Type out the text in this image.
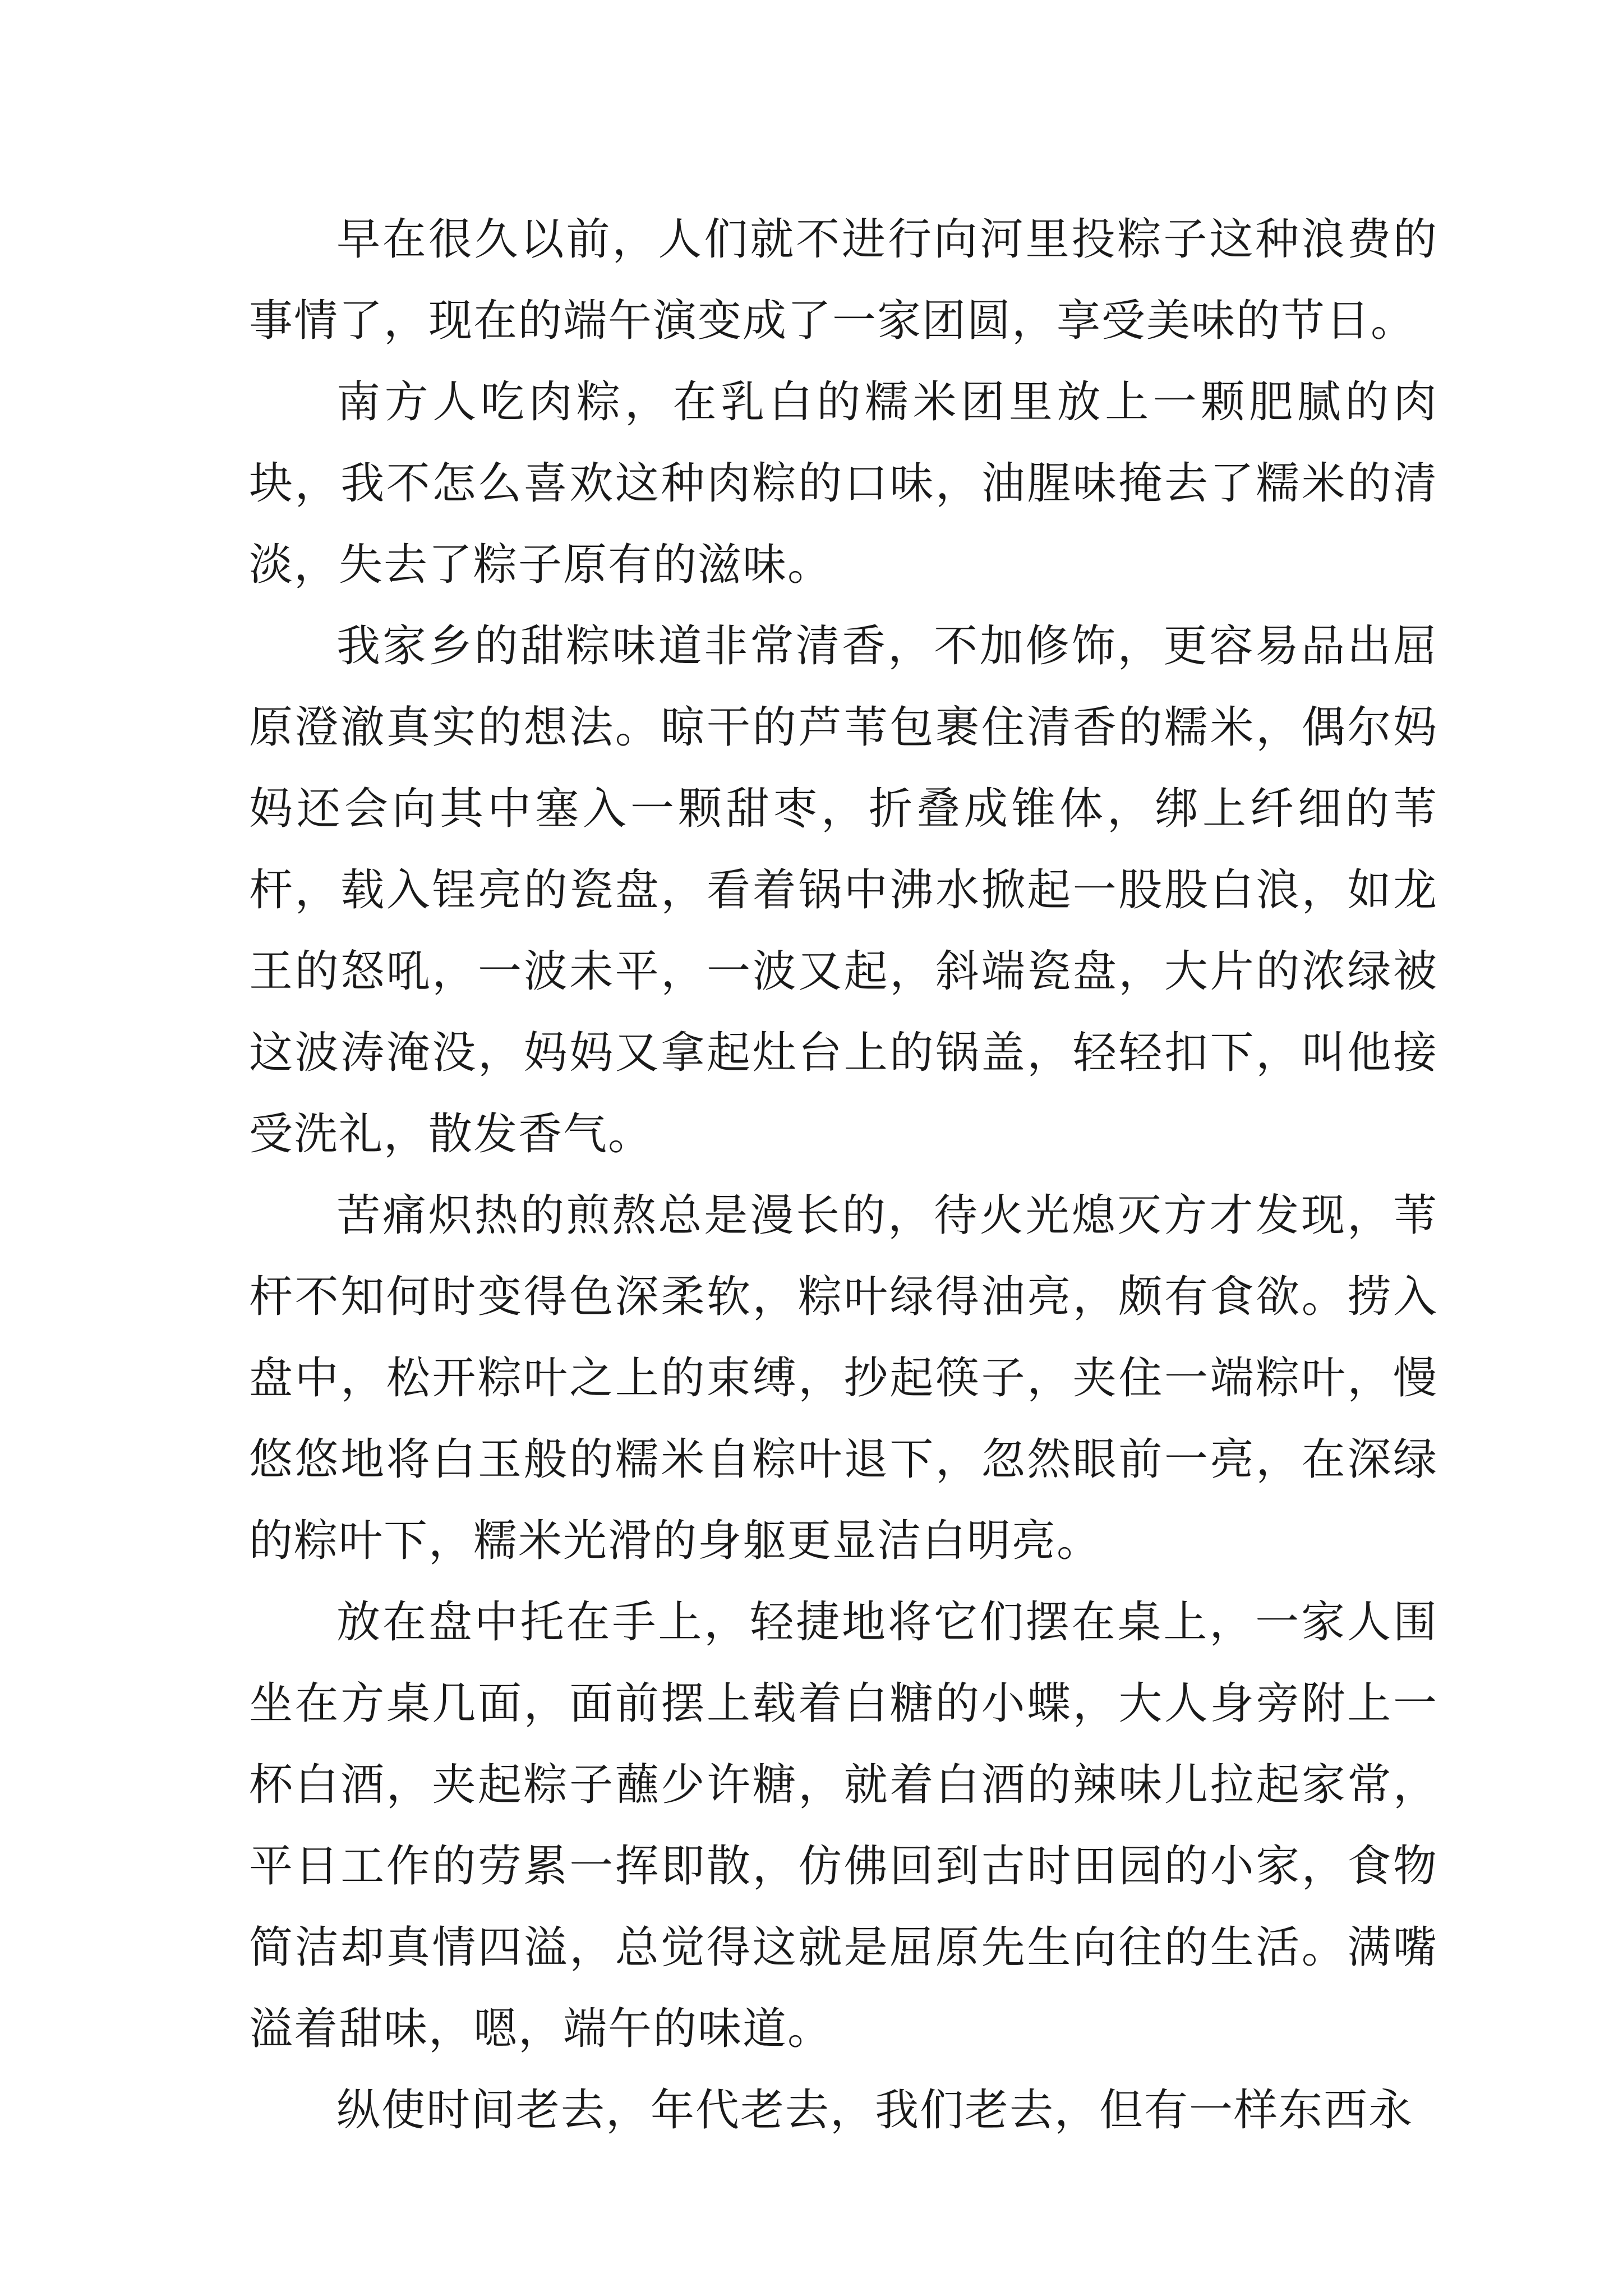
早在很久以前，人们就不进行向河里投粽子这种浪费的事情了，现在的端午演变成了一家团圆，享受美味的节日。

南方人吃肉粽，在乳白的糯米团里放上一颗肥腻的肉块，我不怎么喜欢这种肉粽的口味，油腥味掩去了糯米的清淡，失去了粽子原有的滋味。

我家乡的甜粽味道非常清香，不加修饰，更容易品出屈原澄澈真实的想法。晾干的芦苇包裹住清香的糯米，偶尔妈妈还会向其中塞入一颗甜枣，折叠成锥体，绑上纤细的苇杆，载入锃亮的瓷盘，看着锅中沸水掀起一股股白浪，如龙王的怒吼，一波未平，一波又起，斜端瓷盘，大片的浓绿被这波涛淹没，妈妈又拿起灶台上的锅盖，轻轻扣下，叫他接受洗礼，散发香气。

苦痛炽热的煎熬总是漫长的，待火光熄灭方才发现，苇杆不知何时变得色深柔软，粽叶绿得油亮，颇有食欲。捞入盘中，松开粽叶之上的束缚，抄起筷子，夹住一端粽叶，慢悠悠地将白玉般的糯米自粽叶退下，忽然眼前一亮，在深绿的粽叶下，糯米光滑的身躯更显洁白明亮。

放在盘中托在手上，轻捷地将它们摆在桌上，一家人围坐在方桌几面，面前摆上载着白糖的小蝶，大人身旁附上一杯白酒，夹起粽子蘸少许糖，就着白酒的辣味儿拉起家常，平日工作的劳累一挥即散，仿佛回到古时田园的小家，食物简洁却真情四溢，总觉得这就是屈原先生向往的生活。满嘴溢着甜味，嗯，端午的味道。

纵使时间老去，年代老去，我们老去，但有一样东西永
